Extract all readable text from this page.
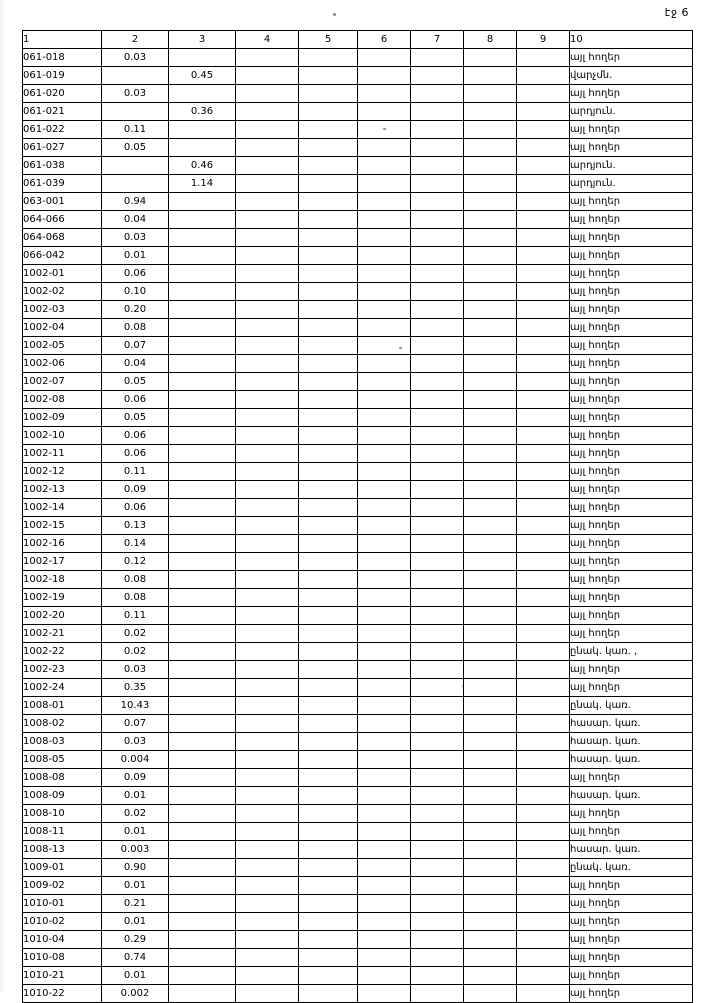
էջ 6
1	2	3	4	5	6	7	8	9	10
061-018	0.03								այլ հողեր
061-019		0.45							վարչմն.
061-020	0.03								այլ հողեր
061-021		0.36							արդյուն.
061-022	0.11								այլ հողեր
061-027	0.05								այլ հողեր
061-038		0.46							արդյուն.
061-039		1.14							արդյուն.
063-001	0.94								այլ հողեր
064-066	0.04								այլ հողեր
064-068	0.03								այլ հողեր
066-042	0.01								այլ հողեր
1002-01	0.06								այլ հողեր
1002-02	0.10								այլ հողեր
1002-03	0.20								այլ հողեր
1002-04	0.08								այլ հողեր
1002-05	0.07								այլ հողեր
1002-06	0.04								այլ հողեր
1002-07	0.05								այլ հողեր
1002-08	0.06								այլ հողեր
1002-09	0.05								այլ հողեր
1002-10	0.06								այլ հողեր
1002-11	0.06								այլ հողեր
1002-12	0.11								այլ հողեր
1002-13	0.09								այլ հողեր
1002-14	0.06								այլ հողեր
1002-15	0.13								այլ հողեր
1002-16	0.14								այլ հողեր
1002-17	0.12								այլ հողեր
1002-18	0.08								այլ հողեր
1002-19	0.08								այլ հողեր
1002-20	0.11								այլ հողեր
1002-21	0.02								այլ հողեր
1002-22	0.02								ընակ. կառ. ,
1002-23	0.03								այլ հողեր
1002-24	0.35								այլ հողեր
1008-01	10.43								ընակ. կառ.
1008-02	0.07								հասար. կառ.
1008-03	0.03								հասար. կառ.
1008-05	0.004								հասար. կառ.
1008-08	0.09								այլ հողեր
1008-09	0.01								հասար. կառ.
1008-10	0.02								այլ հողեր
1008-11	0.01								այլ հողեր
1008-13	0.003								հասար. կառ.
1009-01	0.90								ընակ. կառ.
1009-02	0.01								այլ հողեր
1010-01	0.21								այլ հողեր
1010-02	0.01								այլ հողեր
1010-04	0.29								այլ հողեր
1010-08	0.74								այլ հողեր
1010-21	0.01								այլ հողեր
1010-22	0.002								այլ հողեր
